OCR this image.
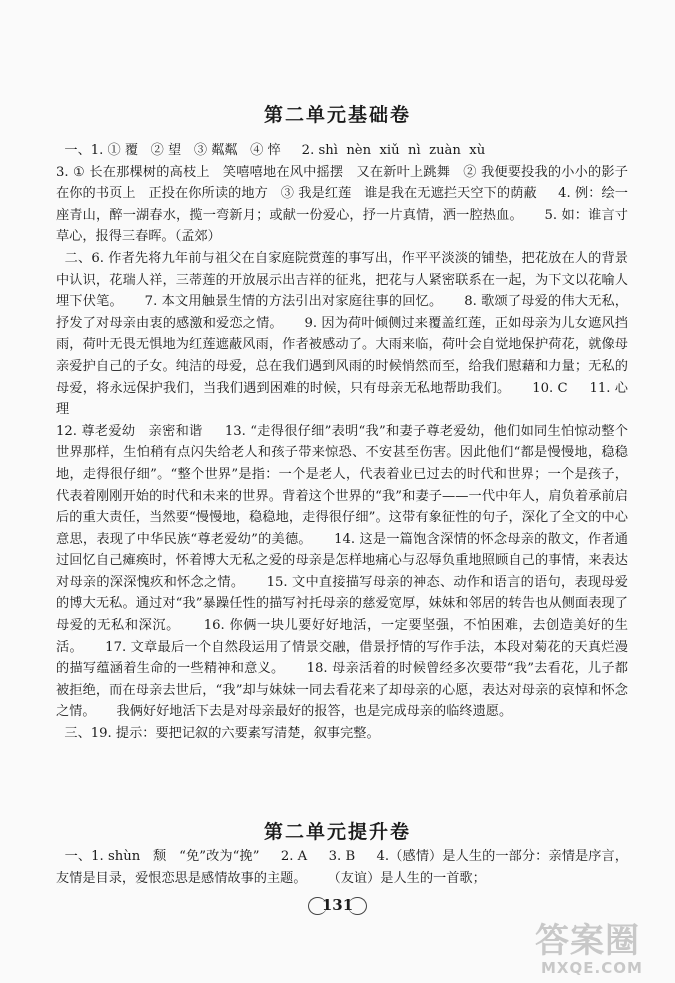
第二单元基础卷
一、1. ① 覆   ② 望   ③ 粼粼   ④ 悴     2. shì  nèn  xiǔ  nì  zuàn  xù
3. ① 长在那棵树的高枝上   笑嘻嘻地在风中摇摆   又在新叶上跳舞   ② 我便要投我的小小的影子在你的书页上   正投在你所读的地方   ③ 我是红莲   谁是我在无遮拦天空下的荫蔽     4. 例：绘一座青山，醉一湖春水，揽一弯新月；或献一份爱心，抒一片真情，洒一腔热血。     5. 如：谁言寸草心，报得三春晖。（孟郊）
二、6. 作者先将九年前与祖父在自家庭院赏莲的事写出，作平平淡淡的铺垫，把花放在人的背景中认识，花瑞人祥，三蒂莲的开放展示出吉祥的征兆，把花与人紧密联系在一起，为下文以花喻人埋下伏笔。     7. 本文用触景生情的方法引出对家庭往事的回忆。     8. 歌颂了母爱的伟大无私，抒发了对母亲由衷的感激和爱恋之情。     9. 因为荷叶倾侧过来覆盖红莲，正如母亲为儿女遮风挡雨，荷叶无畏无惧地为红莲遮蔽风雨，作者被感动了。大雨来临，荷叶会自觉地保护荷花，就像母亲爱护自己的子女。纯洁的母爱，总在我们遇到风雨的时候悄然而至，给我们慰藉和力量；无私的母爱，将永远保护我们，当我们遇到困难的时候，只有母亲无私地帮助我们。     10. C     11. 心理
12. 尊老爱幼   亲密和谐     13. “走得很仔细”表明“我”和妻子尊老爱幼，他们如同生怕惊动整个世界那样，生怕稍有点闪失给老人和孩子带来惊恐、不安甚至伤害。因此他们“都是慢慢地，稳稳地，走得很仔细”。“整个世界”是指：一个是老人，代表着业已过去的时代和世界；一个是孩子，代表着刚刚开始的时代和未来的世界。背着这个世界的“我”和妻子——一代中年人，肩负着承前启后的重大责任，当然要“慢慢地，稳稳地，走得很仔细”。这带有象征性的句子，深化了全文的中心意思，表现了中华民族“尊老爱幼”的美德。     14. 这是一篇饱含深情的怀念母亲的散文，作者通过回忆自己瘫痪时，怀着博大无私之爱的母亲是怎样地痛心与忍辱负重地照顾自己的事情，来表达对母亲的深深愧疚和怀念之情。     15. 文中直接描写母亲的神态、动作和语言的语句，表现母爱的博大无私。通过对“我”暴躁任性的描写衬托母亲的慈爱宽厚，妹妹和邻居的转告也从侧面表现了母爱的无私和深沉。     16. 你俩一块儿要好好地活，一定要坚强，不怕困难，去创造美好的生活。     17. 文章最后一个自然段运用了情景交融，借景抒情的写作手法，本段对菊花的天真烂漫的描写蕴涵着生命的一些精神和意义。     18. 母亲活着的时候曾经多次要带“我”去看花，儿子都被拒绝，而在母亲去世后，“我”却与妹妹一同去看花来了却母亲的心愿，表达对母亲的哀悼和怀念之情。     我俩好好地活下去是对母亲最好的报答，也是完成母亲的临终遗愿。
三、19. 提示：要把记叙的六要素写清楚，叙事完整。
第二单元提升卷
一、1. shùn   颓   “免”改为“挽”     2. A     3. B     4.（感情）是人生的一部分：亲情是序言，友情是目录，爱恨恋思是感情故事的主题。     （友谊）是人生的一首歌；
131
答案圈
MXQE.COM
